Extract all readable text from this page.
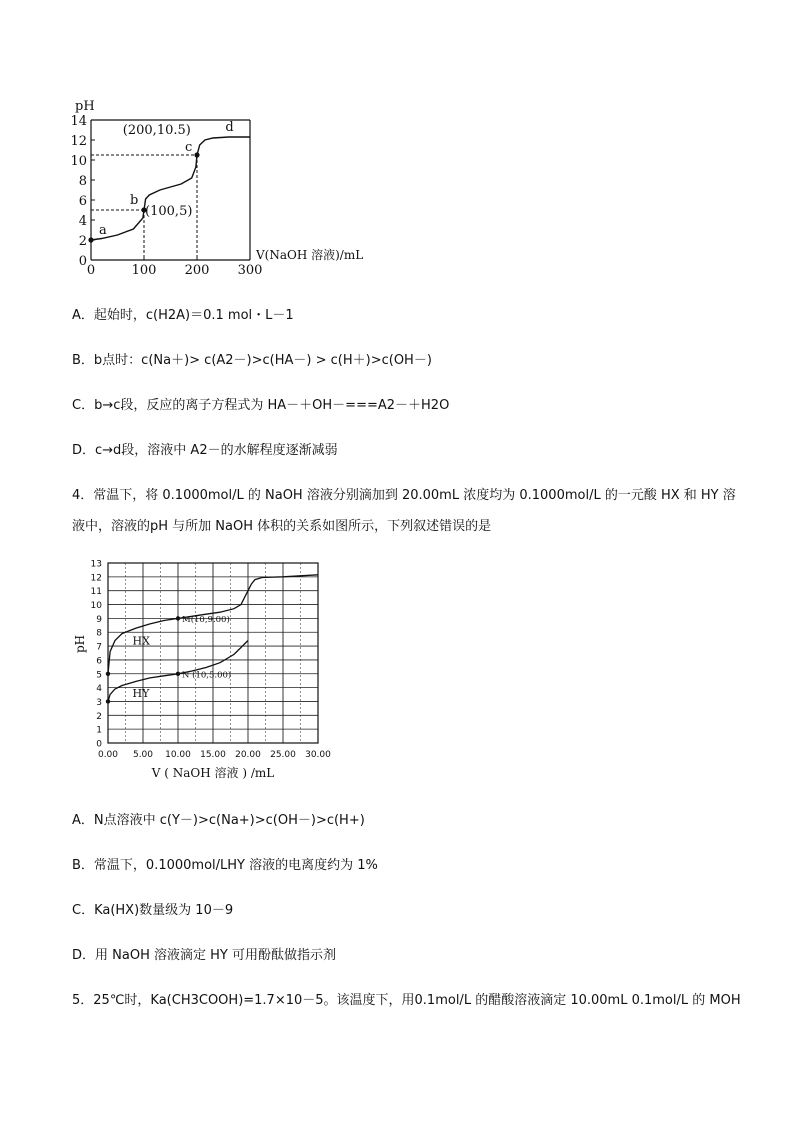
0
2
4
6
8
10
12
14
pH
100 200 300
0
V(NaOH 溶液)/mL
a
b
c
d
(200,10.5)
(100,5)
A．起始时，c(H2A)＝0.1 mol・L－1
B．b点时：c(Na＋)> c(A2－)>c(HA－) > c(H＋)>c(OH－)
C．b→c段，反应的离子方程式为 HA－＋OH－===A2－＋H2O
D．c→d段，溶液中 A2－的水解程度逐渐减弱
4．常温下，将 0.1000mol/L 的 NaOH 溶液分别滴加到 20.00mL 浓度均为 0.1000mol/L 的一元酸 HX 和 HY 溶
液中，溶液的pH 与所加 NaOH 体积的关系如图所示，下列叙述错误的是
0
1
2
3
4
5
6
7
8
9
10
11
12
13
0.00 5.00 10.00 15.00 20.00 25.00 30.00
pH
V ( NaOH 溶液 ) /mL
HX
HY
M(10,9.00)
N (10,5.00)
A．N点溶液中 c(Y－)>c(Na+)>c(OH－)>c(H+)
B．常温下，0.1000mol/LHY 溶液的电离度约为 1%
C．Ka(HX)数量级为 10－9
D．用 NaOH 溶液滴定 HY 可用酚酞做指示剂
5．25℃时，Ka(CH3COOH)=1.7×10－5。该温度下，用0.1mol/L 的醋酸溶液滴定 10.00mL 0.1mol/L 的 MOH
